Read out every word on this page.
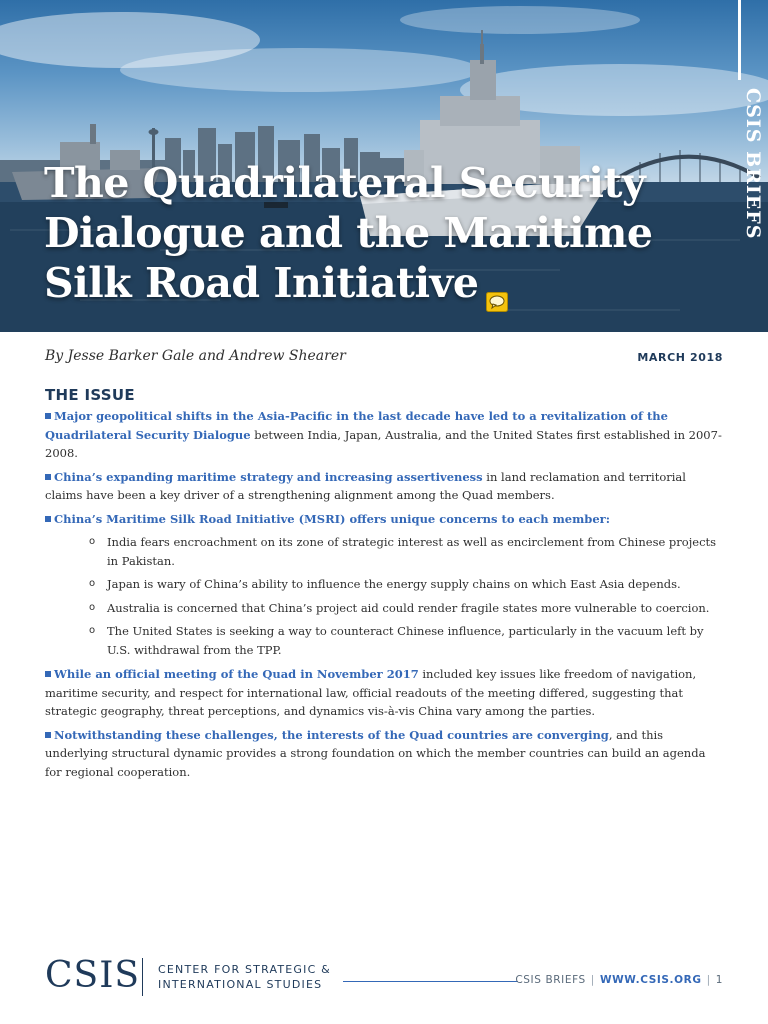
CSIS BRIEFS
The Quadrilateral Security Dialogue and the Maritime Silk Road Initiative
By Jesse Barker Gale and Andrew Shearer	MARCH 2018
THE ISSUE

Major geopolitical shifts in the Asia-Pacific in the last decade have led to a revitalization of the Quadrilateral Security Dialogue between India, Japan, Australia, and the United States first established in 2007-2008.

China’s expanding maritime strategy and increasing assertiveness in land reclamation and territorial claims have been a key driver of a strengthening alignment among the Quad members.

China’s Maritime Silk Road Initiative (MSRI) offers unique concerns to each member:

o India fears encroachment on its zone of strategic interest as well as encirclement from Chinese projects in Pakistan.
o Japan is wary of China’s ability to influence the energy supply chains on which East Asia depends.
o Australia is concerned that China’s project aid could render fragile states more vulnerable to coercion.
o The United States is seeking a way to counteract Chinese influence, particularly in the vacuum left by U.S. withdrawal from the TPP.

While an official meeting of the Quad in November 2017 included key issues like freedom of navigation, maritime security, and respect for international law, official readouts of the meeting differed, suggesting that strategic geography, threat perceptions, and dynamics vis-à-vis China vary among the parties.

Notwithstanding these challenges, the interests of the Quad countries are converging, and this underlying structural dynamic provides a strong foundation on which the member countries can build an agenda for regional cooperation.

CSIS CENTER FOR STRATEGIC &
INTERNATIONAL STUDIES	CSIS BRIEFS | WWW.CSIS.ORG | 1
